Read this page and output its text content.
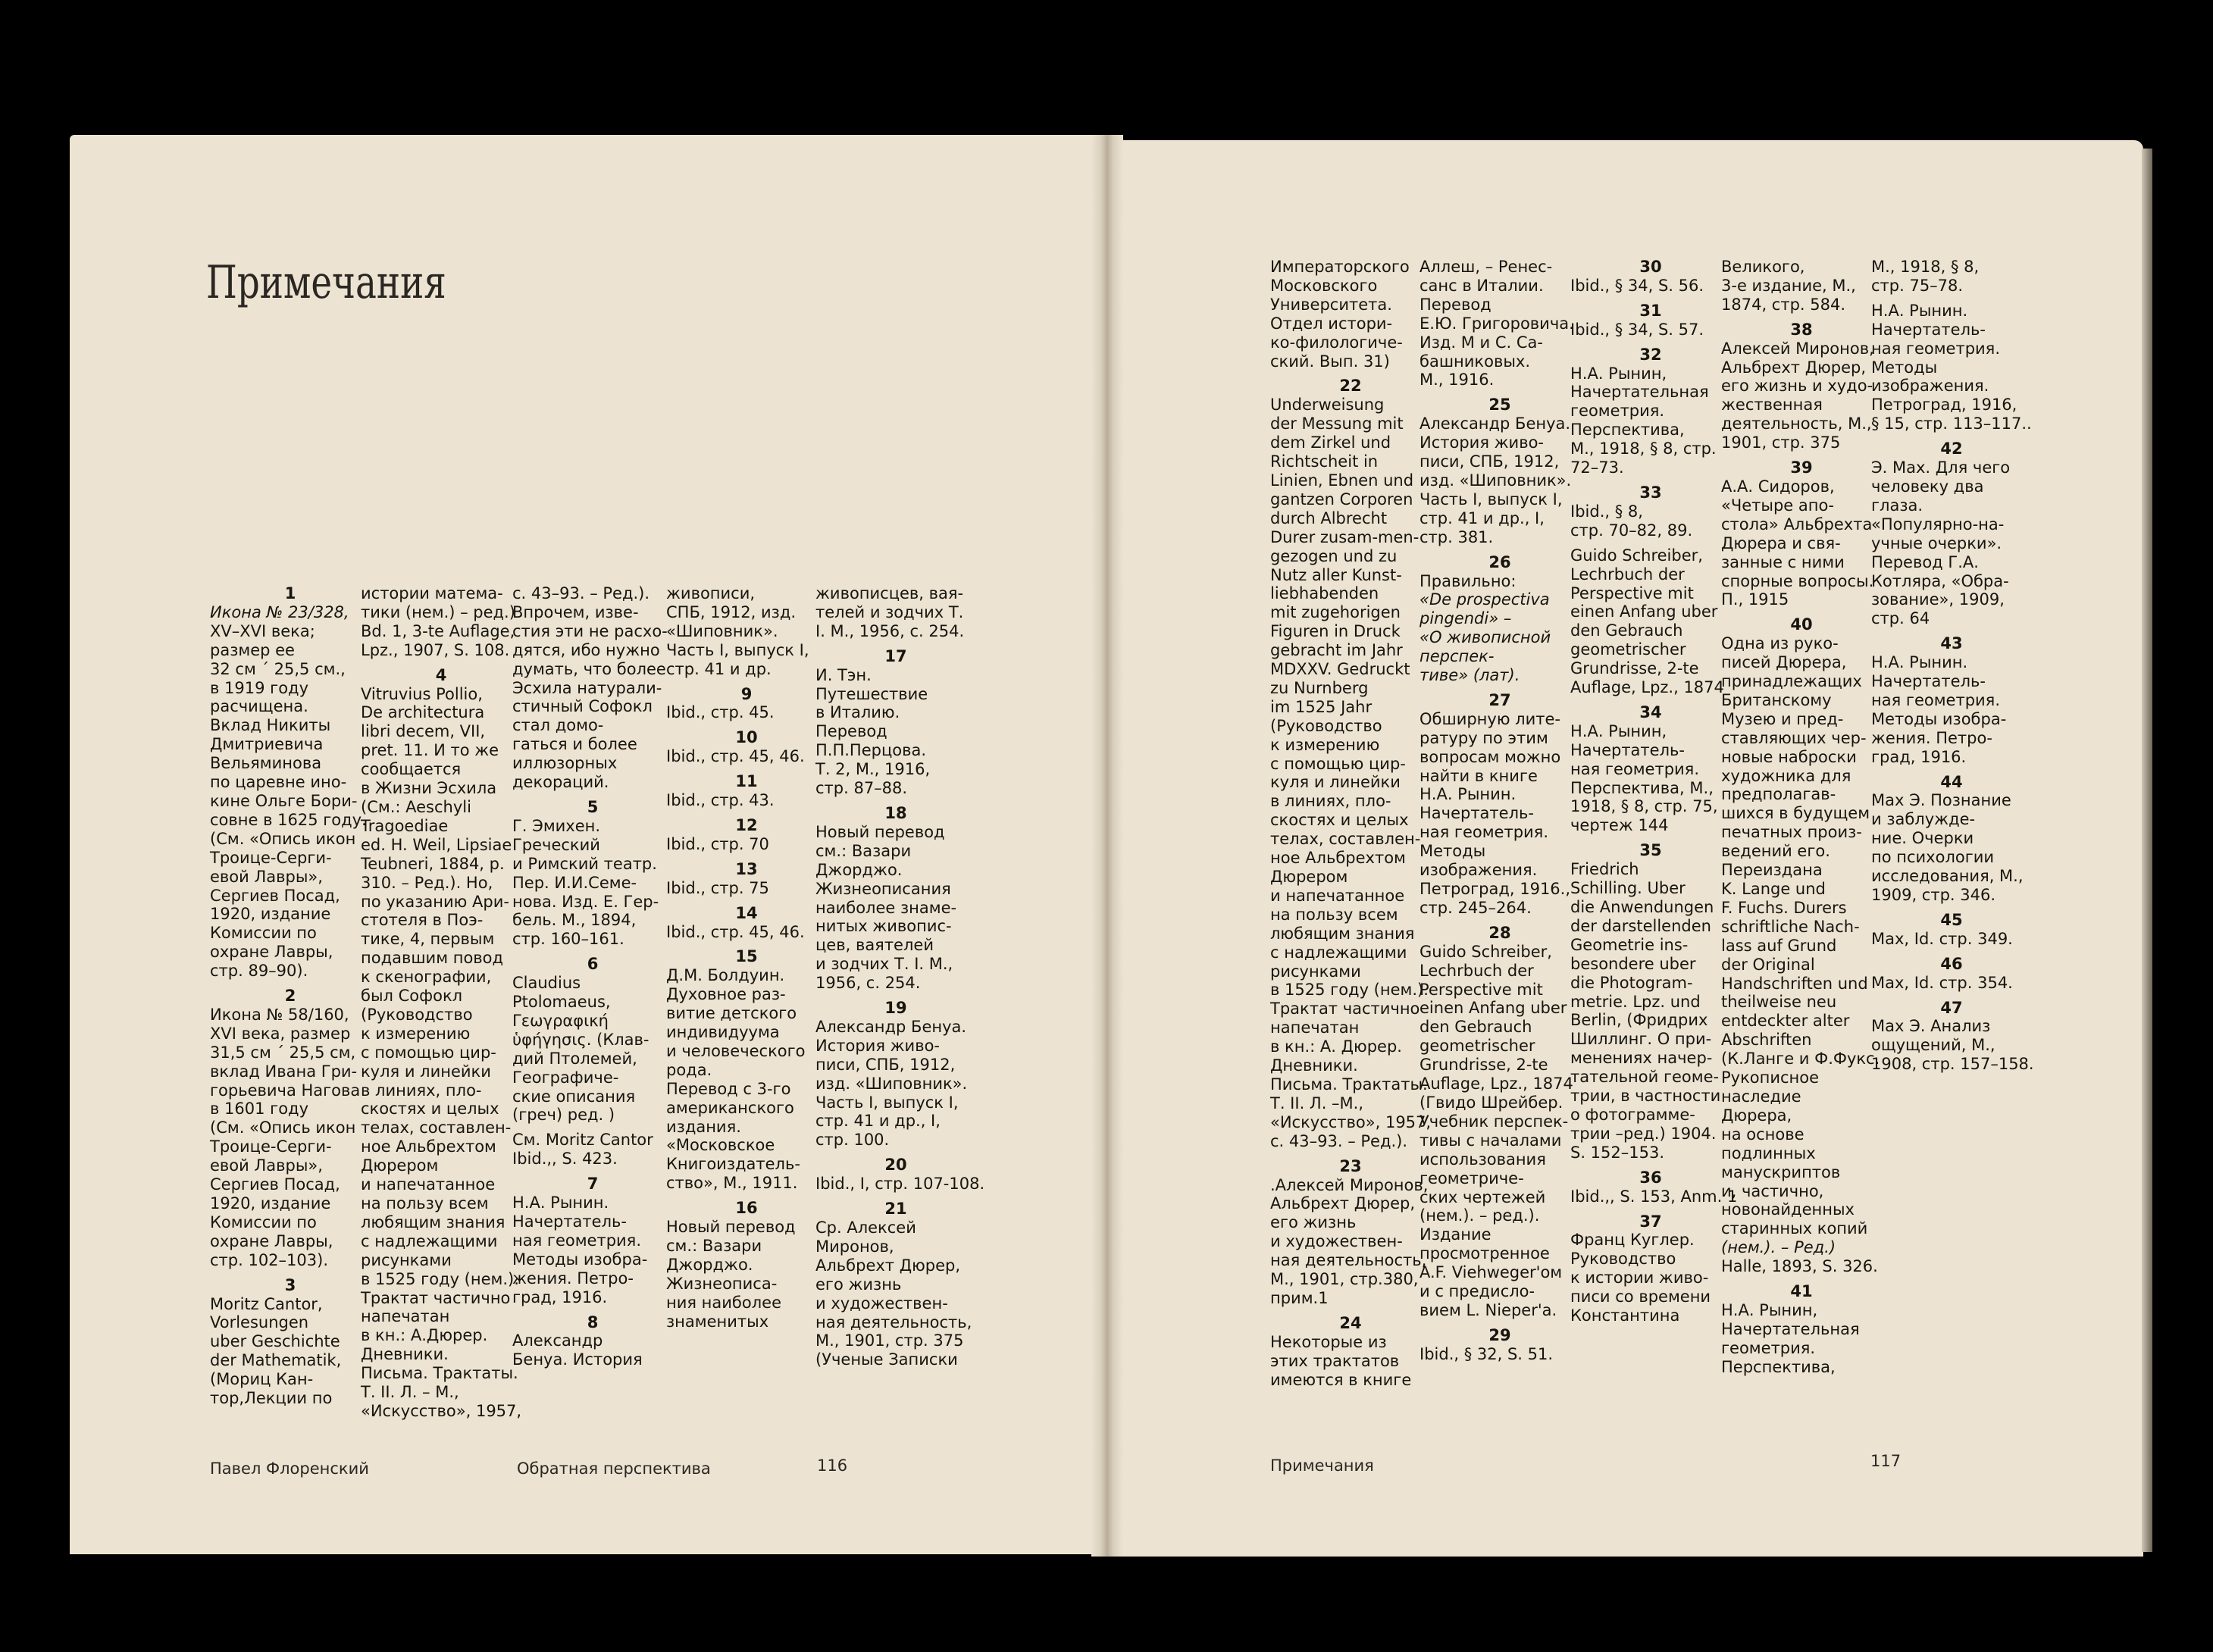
Примечания

1

Икона № 23/328,

XV–XVI века;

размер ее

32 см ´ 25,5 см.,

в 1919 году

расчищена.

Вклад Никиты

Дмитриевича

Вельяминова

по царевне ино-

кине Ольге Бори-

совне в 1625 году.

(См. «Опись икон

Троице-Серги-

евой Лавры»,

Сергиев Посад,

1920, издание

Комиссии по

охране Лавры,

стр. 89–90).

2

Икона № 58/160,

XVI века, размер

31,5 см ´ 25,5 см,

вклад Ивана Гри-

горьевича Нагова

в 1601 году

(См. «Опись икон

Троице-Серги-

евой Лавры»,

Сергиев Посад,

1920, издание

Комиссии по

охране Лавры,

стр. 102–103).

3

Moritz Cantor,

Vorlesungen

uber Geschichte

der Mathematik,

(Мориц Кан-

тор,Лекции по

истории матема-

тики (нем.) – ред.)

Bd. 1, 3-te Auflage,

Lpz., 1907, S. 108.

4

Vitruvius Pollio,

De architectura

libri decem, VII,

pret. 11. И то же

сообщается

в Жизни Эсхила

(См.: Aeschyli

Tragoediae

ed. H. Weil, Lipsiae

Teubneri, 1884, p.

310. – Ред.). Но,

по указанию Ари-

стотеля в Поэ-

тике, 4, первым

подавшим повод

к скенографии,

был Софокл

(Руководство

к измерению

с помощью цир-

куля и линейки

в линиях, пло-

скостях и целых

телах, составлен-

ное Альбрехтом

Дюрером

и напечатанное

на пользу всем

любящим знания

с надлежащими

рисунками

в 1525 году (нем.).

Трактат частично

напечатан

в кн.: А.Дюрер.

Дневники.

Письма. Трактаты.

Т. II. Л. – М.,

«Искусство», 1957,

с. 43–93. – Ред.).

Впрочем, изве-

стия эти не расхо-

дятся, ибо нужно

думать, что более

Эсхила натурали-

стичный Софокл

стал домо-

гаться и более

иллюзорных

декораций.

5

Г. Эмихен.

Греческий

и Римский театр.

Пер. И.И.Семе-

нова. Изд. Е. Гер-

бель. М., 1894,

стр. 160–161.

6

Claudius

Ptolomaeus,

Γεωγραφική

ὑφήγησις. (Клав-

дий Птолемей,

Географиче-

ские описания

(греч) ред. )

См. Moritz Cantor

Ibid.,, S. 423.

7

Н.А. Рынин.

Начертатель-

ная геометрия.

Методы изобра-

жения. Петро-

град, 1916.

8

Александр

Бенуа. История

живописи,

СПБ, 1912, изд.

«Шиповник».

Часть I, выпуск I,

стр. 41 и др.

9

Ibid., стр. 45.

10

Ibid., стр. 45, 46.

11

Ibid., стр. 43.

12

Ibid., стр. 70

13

Ibid., стр. 75

14

Ibid., стр. 45, 46.

15

Д.М. Болдуин.

Духовное раз-

витие детского

индивидуума

и человеческого

рода.

Перевод с 3-го

американского

издания.

«Московское

Книгоиздатель-

ство», М., 1911.

16

Новый перевод

см.: Вазари

Джорджо.

Жизнеописа-

ния наиболее

знаменитых

живописцев, вая-

телей и зодчих Т.

I. М., 1956, с. 254.

17

И. Тэн.

Путешествие

в Италию.

Перевод

П.П.Перцова.

Т. 2, М., 1916,

стр. 87–88.

18

Новый перевод

см.: Вазари

Джорджо.

Жизнеописания

наиболее знаме-

нитых живопис-

цев, ваятелей

и зодчих Т. I. М.,

1956, с. 254.

19

Александр Бенуа.

История живо-

писи, СПБ, 1912,

изд. «Шиповник».

Часть I, выпуск I,

стр. 41 и др., I,

стр. 100.

20

Ibid., I, стр. 107-108.

21

Ср. Алексей

Миронов,

Альбрехт Дюрер,

его жизнь

и художествен-

ная деятельность,

М., 1901, стр. 375

(Ученые Записки

Императорского

Московского

Университета.

Отдел истори-

ко-филологиче-

ский. Вып. 31)

22

Underweisung

der Messung mit

dem Zirkel und

Richtscheit in

Linien, Ebnen und

gantzen Corporen

durch Albrecht

Durer zusam-men-

gezogen und zu

Nutz aller Kunst-

liebhabenden

mit zugehorigen

Figuren in Druck

gebracht im Jahr

MDXXV. Gedruckt

zu Nurnberg

im 1525 Jahr

(Руководство

к измерению

с помощью цир-

куля и линейки

в линиях, пло-

скостях и целых

телах, составлен-

ное Альбрехтом

Дюрером

и напечатанное

на пользу всем

любящим знания

с надлежащими

рисунками

в 1525 году (нем.).

Трактат частично

напечатан

в кн.: А. Дюрер.

Дневники.

Письма. Трактаты.

Т. II. Л. –М.,

«Искусство», 1957,

с. 43–93. – Ред.).

23

.Алексей Миронов,

Альбрехт Дюрер,

его жизнь

и художествен-

ная деятельность,

М., 1901, стр.380,

прим.1

24

Некоторые из

этих трактатов

имеются в книге

Аллеш, – Ренес-

санс в Италии.

Перевод

Е.Ю. Григоровича.

Изд. М и С. Са-

башниковых.

М., 1916.

25

Александр Бенуа.

История живо-

писи, СПБ, 1912,

изд. «Шиповник».

Часть I, выпуск I,

стр. 41 и др., I,

стр. 381.

26

Правильно:

«De prospectiva

pingendi» –

«О живописной

перспек-

тиве» (лат).

27

Обширную лите-

ратуру по этим

вопросам можно

найти в книге

Н.А. Рынин.

Начертатель-

ная геометрия.

Методы

изображения.

Петроград, 1916.,

стр. 245–264.

28

Guido Schreiber,

Lechrbuch der

Perspective mit

einen Anfang uber

den Gebrauch

geometrischer

Grundrisse, 2-te

Auflage, Lpz., 1874

(Гвидо Шрейбер.

Учебник перспек-

тивы с началами

использования

геометриче-

ских чертежей

(нем.). – ред.).

Издание

просмотренное

A.F. Viehweger'ом

и с предисло-

вием L. Nieper'a.

29

Ibid., § 32, S. 51.

30

Ibid., § 34, S. 56.

31

Ibid., § 34, S. 57.

32

Н.А. Рынин,

Начертательная

геометрия.

Перспектива,

М., 1918, § 8, стр.

72–73.

33

Ibid., § 8,

стр. 70–82, 89.

Guido Schreiber,

Lechrbuch der

Perspective mit

einen Anfang uber

den Gebrauch

geometrischer

Grundrisse, 2-te

Auflage, Lpz., 1874

34

Н.А. Рынин,

Начертатель-

ная геометрия.

Перспектива, М.,

1918, § 8, стр. 75,

чертеж 144

35

Friedrich

Schilling. Uber

die Anwendungen

der darstellenden

Geometrie ins-

besondere uber

die Photogram-

metrie. Lpz. und

Berlin, (Фридрих

Шиллинг. О при-

менениях начер-

тательной геоме-

трии, в частности

о фотограмме-

трии –ред.) 1904.

S. 152–153.

36

Ibid.,, S. 153, Anm. 1

37

Франц Куглер.

Руководство

к истории живо-

писи со времени

Константина

Великого,

3-е издание, М.,

1874, стр. 584.

38

Алексей Миронов,

Альбрехт Дюрер,

его жизнь и худо-

жественная

деятельность, М.,

1901, стр. 375

39

А.А. Сидоров,

«Четыре апо-

стола» Альбрехта

Дюрера и свя-

занные с ними

спорные вопросы.

П., 1915

40

Одна из руко-

писей Дюрера,

принадлежащих

Британскому

Музею и пред-

ставляющих чер-

новые наброски

художника для

предполагав-

шихся в будущем

печатных произ-

ведений его.

Переиздана

K. Lange und

F. Fuchs. Durers

schriftliche Nach-

lass auf Grund

der Original

Handschriften und

theilweise neu

entdeckter alter

Abschriften

(К.Ланге и Ф.Фукс.

Рукописное

наследие

Дюрера,

на основе

подлинных

манускриптов

и, частично,

новонайденных

старинных копий

(нем.). – Ред.)

Halle, 1893, S. 326.

41

Н.А. Рынин,

Начертательная

геометрия.

Перспектива,

М., 1918, § 8,

стр. 75–78.

Н.А. Рынин.

Начертатель-

ная геометрия.

Методы

изображения.

Петроград, 1916,

§ 15, стр. 113–117..

42

Э. Мах. Для чего

человеку два

глаза.

«Популярно-на-

учные очерки».

Перевод Г.А.

Котляра, «Обра-

зование», 1909,

стр. 64

43

Н.А. Рынин.

Начертатель-

ная геометрия.

Методы изобра-

жения. Петро-

град, 1916.

44

Мах Э. Познание

и заблужде-

ние. Очерки

по психологии

исследования, М.,

1909, стр. 346.

45

Max, Id. стр. 349.

46

Max, Id. стр. 354.

47

Мах Э. Анализ

ощущений, М.,

1908, стр. 157–158.

Павел Флоренский	Обратная перспектива	116	Примечания	117
